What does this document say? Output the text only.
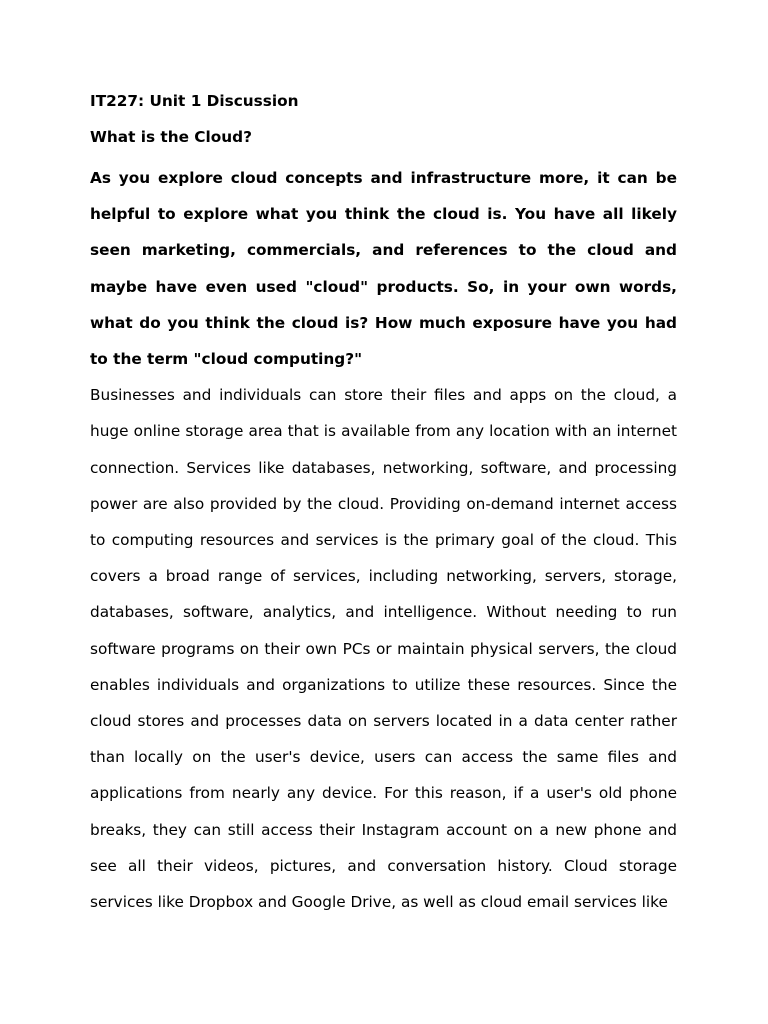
IT227: Unit 1 Discussion
What is the Cloud?

As you explore cloud concepts and infrastructure more, it can be helpful to explore what you think the cloud is. You have all likely seen marketing, commercials, and references to the cloud and maybe have even used "cloud" products. So, in your own words, what do you think the cloud is? How much exposure have you had to the term "cloud computing?"

Businesses and individuals can store their files and apps on the cloud, a huge online storage area that is available from any location with an internet connection. Services like databases, networking, software, and processing power are also provided by the cloud. Providing on-demand internet access to computing resources and services is the primary goal of the cloud. This covers a broad range of services, including networking, servers, storage, databases, software, analytics, and intelligence. Without needing to run software programs on their own PCs or maintain physical servers, the cloud enables individuals and organizations to utilize these resources. Since the cloud stores and processes data on servers located in a data center rather than locally on the user's device, users can access the same files and applications from nearly any device. For this reason, if a user's old phone breaks, they can still access their Instagram account on a new phone and see all their videos, pictures, and conversation history. Cloud storage services like Dropbox and Google Drive, as well as cloud email services like
